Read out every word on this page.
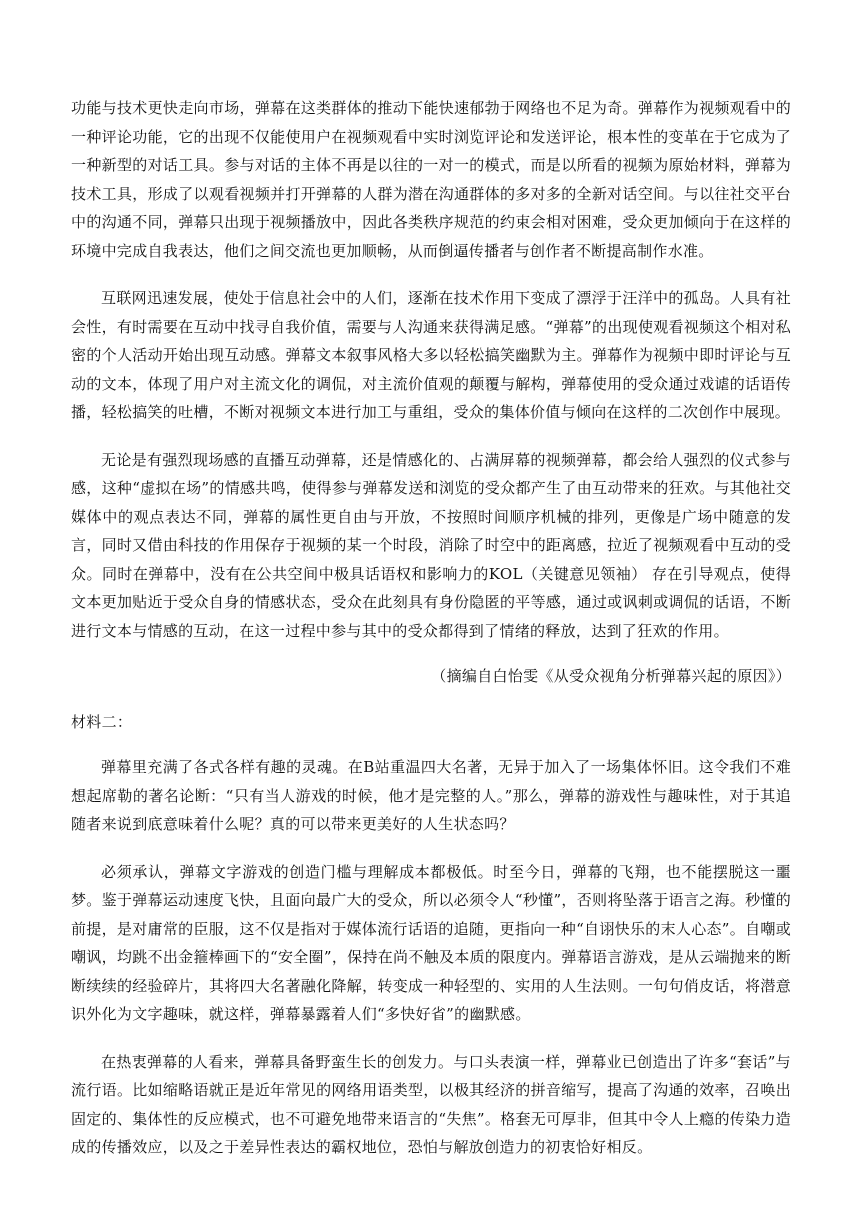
功能与技术更快走向市场，弹幕在这类群体的推动下能快速郁勃于网络也不足为奇。弹幕作为视频观看中的一种评论功能，它的出现不仅能使用户在视频观看中实时浏览评论和发送评论，根本性的变革在于它成为了一种新型的对话工具。参与对话的主体不再是以往的一对一的模式，而是以所看的视频为原始材料，弹幕为技术工具，形成了以观看视频并打开弹幕的人群为潜在沟通群体的多对多的全新对话空间。与以往社交平台中的沟通不同，弹幕只出现于视频播放中，因此各类秩序规范的约束会相对困难，受众更加倾向于在这样的环境中完成自我表达，他们之间交流也更加顺畅，从而倒逼传播者与创作者不断提高制作水准。

互联网迅速发展，使处于信息社会中的人们，逐渐在技术作用下变成了漂浮于汪洋中的孤岛。人具有社会性，有时需要在互动中找寻自我价值，需要与人沟通来获得满足感。“弹幕”的出现使观看视频这个相对私密的个人活动开始出现互动感。弹幕文本叙事风格大多以轻松搞笑幽默为主。弹幕作为视频中即时评论与互动的文本，体现了用户对主流文化的调侃，对主流价值观的颠覆与解构，弹幕使用的受众通过戏谑的话语传播，轻松搞笑的吐槽，不断对视频文本进行加工与重组，受众的集体价值与倾向在这样的二次创作中展现。

无论是有强烈现场感的直播互动弹幕，还是情感化的、占满屏幕的视频弹幕，都会给人强烈的仪式参与感，这种“虚拟在场”的情感共鸣，使得参与弹幕发送和浏览的受众都产生了由互动带来的狂欢。与其他社交媒体中的观点表达不同，弹幕的属性更自由与开放，不按照时间顺序机械的排列，更像是广场中随意的发言，同时又借由科技的作用保存于视频的某一个时段，消除了时空中的距离感，拉近了视频观看中互动的受众。同时在弹幕中，没有在公共空间中极具话语权和影响力的KOL（关键意见领袖） 存在引导观点，使得文本更加贴近于受众自身的情感状态，受众在此刻具有身份隐匿的平等感，通过或讽刺或调侃的话语，不断进行文本与情感的互动，在这一过程中参与其中的受众都得到了情绪的释放，达到了狂欢的作用。

（摘编自白怡雯《从受众视角分析弹幕兴起的原因》）

材料二：

弹幕里充满了各式各样有趣的灵魂。在B站重温四大名著，无异于加入了一场集体怀旧。这令我们不难想起席勒的著名论断：“只有当人游戏的时候，他才是完整的人。”那么，弹幕的游戏性与趣味性，对于其追随者来说到底意味着什么呢？真的可以带来更美好的人生状态吗？

必须承认，弹幕文字游戏的创造门槛与理解成本都极低。时至今日，弹幕的飞翔，也不能摆脱这一噩梦。鉴于弹幕运动速度飞快，且面向最广大的受众，所以必须令人“秒懂”，否则将坠落于语言之海。秒懂的前提，是对庸常的臣服，这不仅是指对于媒体流行话语的追随，更指向一种“自诩快乐的末人心态”。自嘲或嘲讽，均跳不出金箍棒画下的“安全圈”，保持在尚不触及本质的限度内。弹幕语言游戏，是从云端抛来的断断续续的经验碎片，其将四大名著融化降解，转变成一种轻型的、实用的人生法则。一句句俏皮话，将潜意识外化为文字趣味，就这样，弹幕暴露着人们“多快好省”的幽默感。

在热衷弹幕的人看来，弹幕具备野蛮生长的创发力。与口头表演一样，弹幕业已创造出了许多“套话”与流行语。比如缩略语就正是近年常见的网络用语类型，以极其经济的拼音缩写，提高了沟通的效率，召唤出固定的、集体性的反应模式，也不可避免地带来语言的“失焦”。格套无可厚非，但其中令人上瘾的传染力造成的传播效应，以及之于差异性表达的霸权地位，恐怕与解放创造力的初衷恰好相反。
